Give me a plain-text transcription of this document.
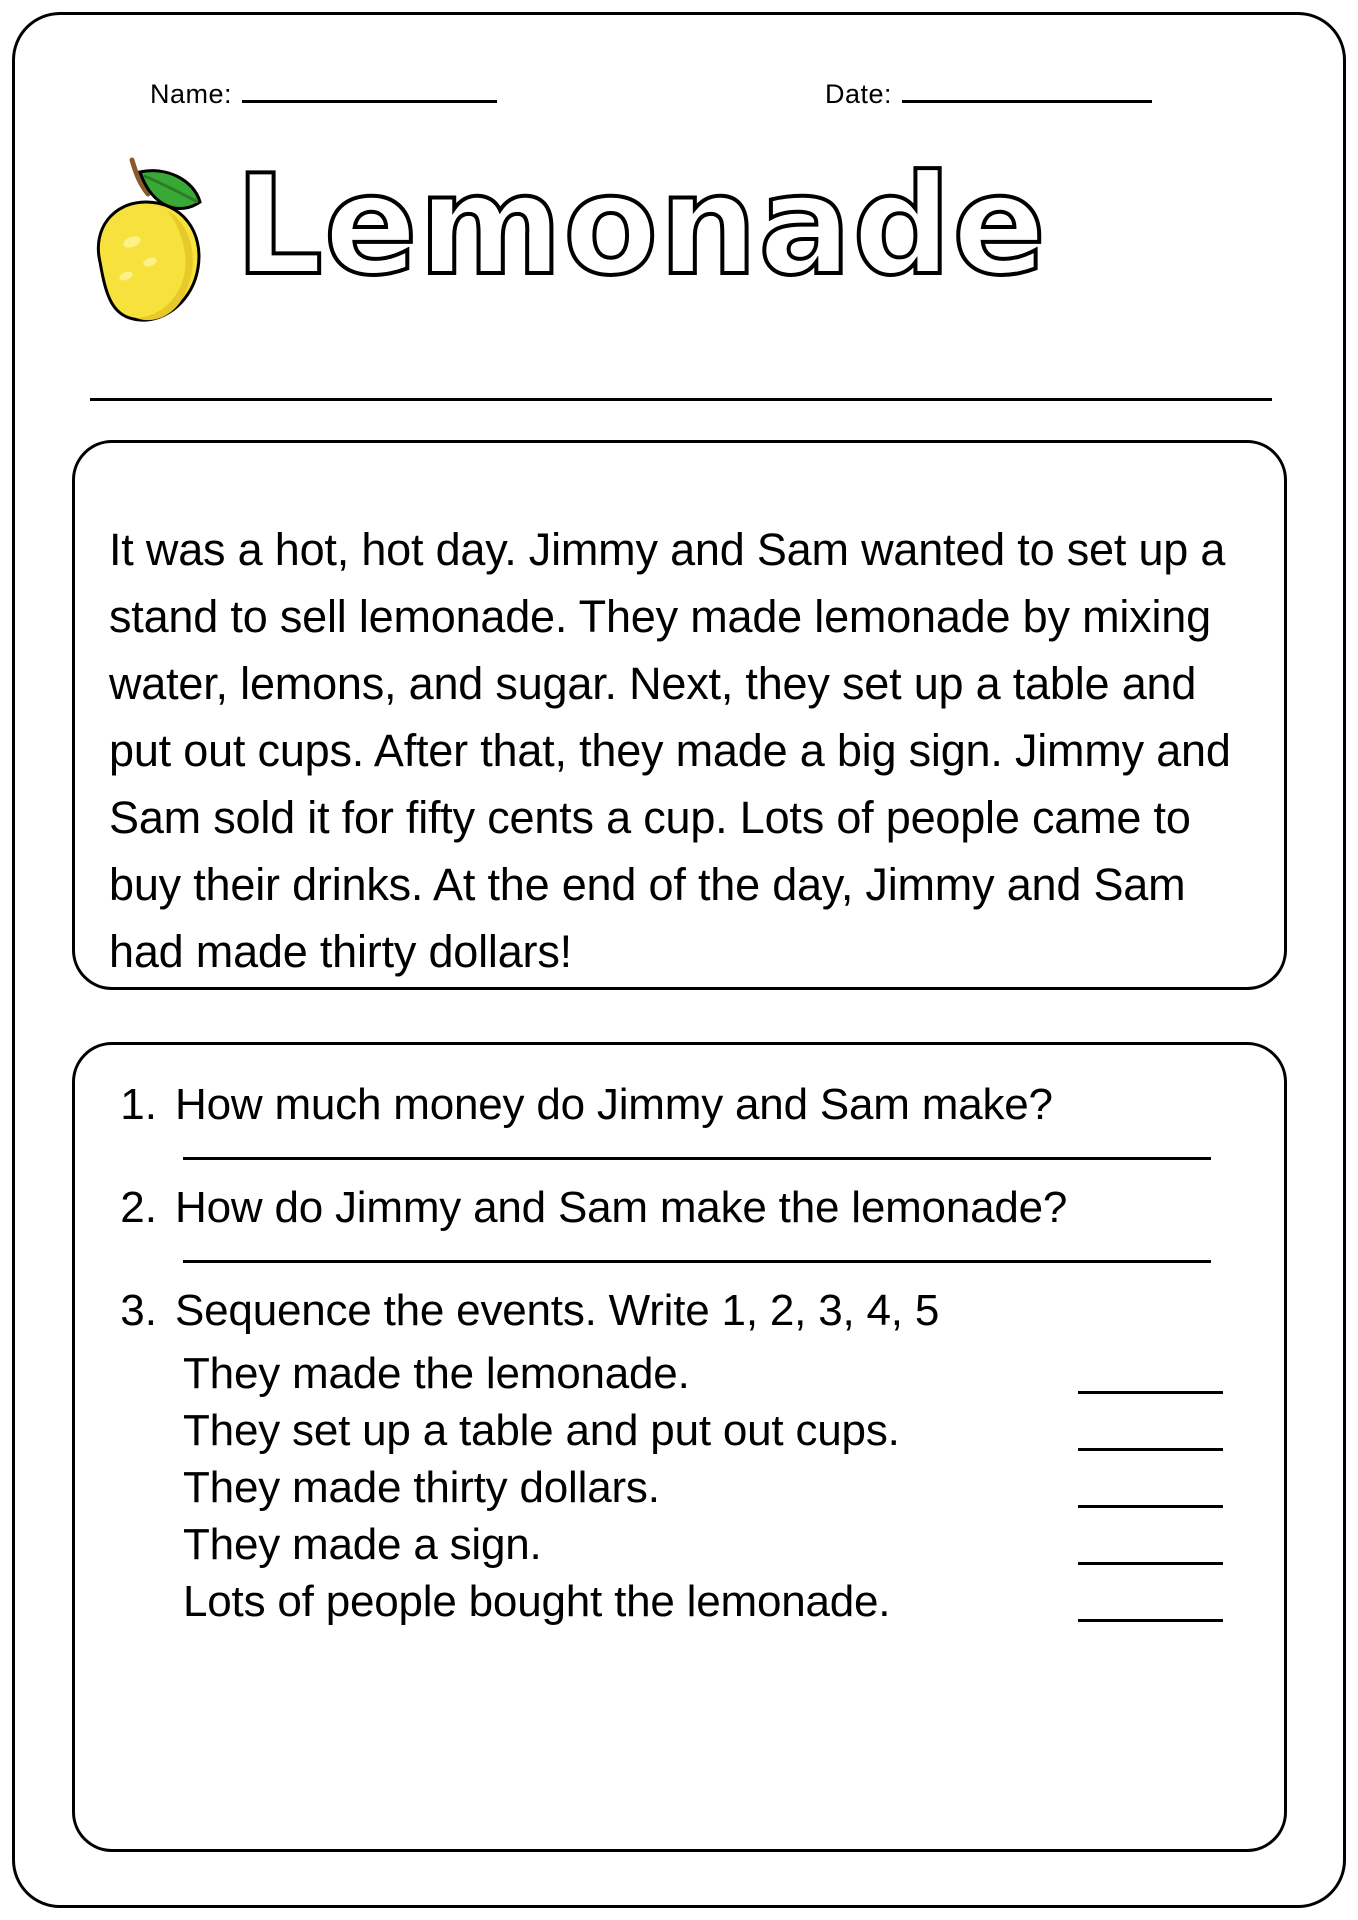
Name:	Date:
Lemonade

It was a hot, hot day. Jimmy and Sam wanted to set up a stand to sell lemonade. They made lemonade by mixing water, lemons, and sugar. Next, they set up a table and put out cups. After that, they made a big sign. Jimmy and Sam sold it for fifty cents a cup. Lots of people came to buy their drinks. At the end of the day, Jimmy and Sam had made thirty dollars!

1. How much money do Jimmy and Sam make?
2. How do Jimmy and Sam make the lemonade?
3. Sequence the events. Write 1, 2, 3, 4, 5
They made the lemonade.
They set up a table and put out cups.
They made thirty dollars.
They made a sign.
Lots of people bought the lemonade.
